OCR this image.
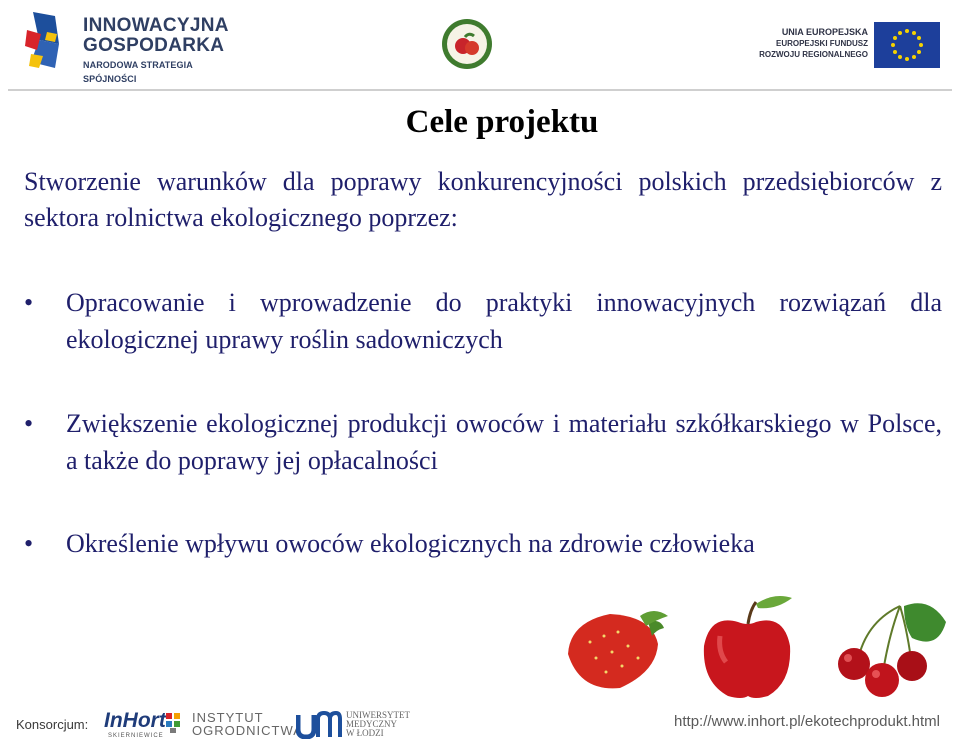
INNOWACYJNA
GOSPODARKA
NARODOWA STRATEGIA SPÓJNOŚCI
UNIA EUROPEJSKA
EUROPEJSKI FUNDUSZ
ROZWOJU REGIONALNEGO
Cele projektu

Stworzenie warunków dla poprawy konkurencyjności polskich przedsiębiorców z sektora rolnictwa ekologicznego poprzez:

•	Opracowanie i wprowadzenie do praktyki innowacyjnych rozwiązań dla ekologicznej uprawy roślin sadowniczych
•	Zwiększenie ekologicznej produkcji owoców i materiału szkółkarskiego w Polsce, a także do poprawy jej opłacalności
•	Określenie wpływu owoców ekologicznych na zdrowie człowieka
Konsorcjum: InHort
SKIERNIEWICE
INSTYTUT
OGRODNICTWA
UNIWERSYTET
MEDYCZNY
W ŁODZI
http://www.inhort.pl/ekotechprodukt.html
